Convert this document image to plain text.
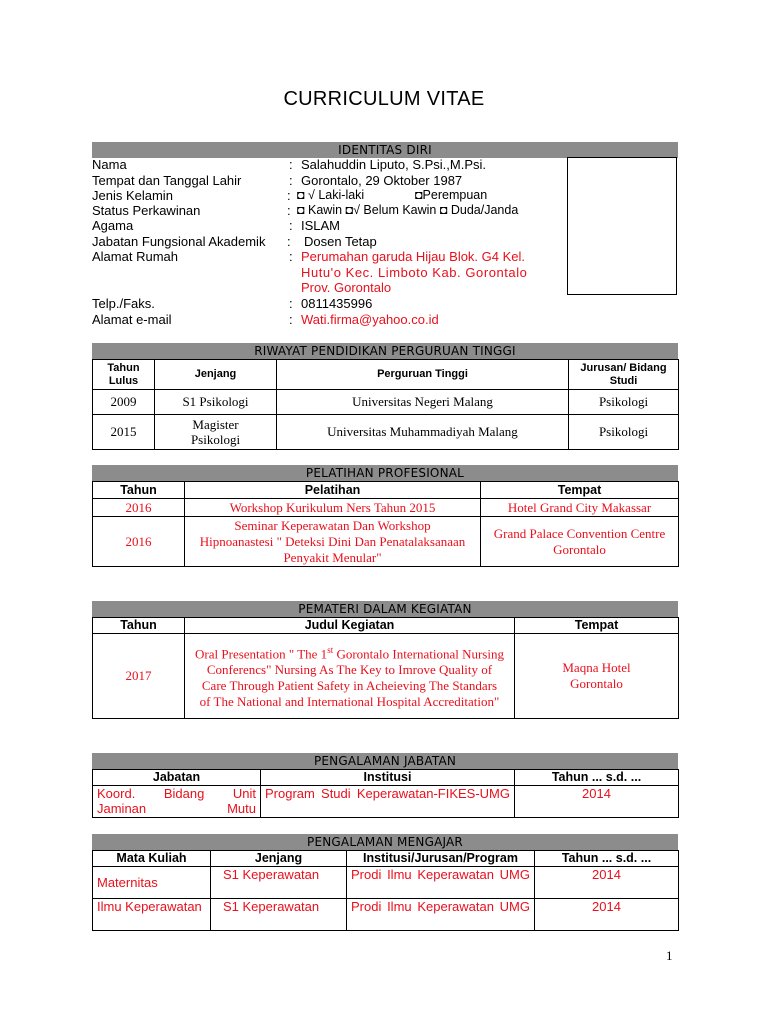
CURRICULUM VITAE
IDENTITAS DIRI
Nama	: Salahuddin Liputo, S.Psi.,M.Psi.
Tempat dan Tanggal Lahir	: Gorontalo, 29 Oktober 1987
Jenis Kelamin	: ◘ √ Laki-laki	◘Perempuan
Status Perkawinan	: ◘ Kawin ◘√ Belum Kawin ◘ Duda/Janda
Agama	: ISLAM
Jabatan Fungsional Akademik : Dosen Tetap
Alamat Rumah	: Perumahan garuda Hijau Blok. G4 Kel.
Hutu'o Kec. Limboto Kab. Gorontalo
Prov. Gorontalo
Telp./Faks.	: 0811435996
Alamat e-mail	: Wati.firma@yahoo.co.id
RIWAYAT PENDIDIKAN PERGURUAN TINGGI
Tahun Lulus	Jenjang	Perguruan Tinggi	Jurusan/ Bidang Studi
2009	S1 Psikologi	Universitas Negeri Malang	Psikologi
2015	Magister Psikologi	Universitas Muhammadiyah Malang	Psikologi
PELATIHAN PROFESIONAL
Tahun	Pelatihan	Tempat
2016	Workshop Kurikulum Ners Tahun 2015	Hotel Grand City Makassar
2016	Seminar Keperawatan Dan Workshop Hipnoanastesi " Deteksi Dini Dan Penatalaksanaan Penyakit Menular"	Grand Palace Convention Centre Gorontalo
PEMATERI DALAM KEGIATAN
Tahun	Judul Kegiatan	Tempat
2017	Oral Presentation " The 1st Gorontalo International Nursing Conferencs" Nursing As The Key to Imrove Quality of Care Through Patient Safety in Acheieving The Standars of The National and International Hospital Accreditation"	Maqna Hotel Gorontalo
PENGALAMAN JABATAN
Jabatan	Institusi	Tahun ... s.d. ...
Koord. Bidang Unit Jaminan Mutu	Program Studi Keperawatan-FIKES-UMG	2014
PENGALAMAN MENGAJAR
Mata Kuliah	Jenjang	Institusi/Jurusan/Program	Tahun ... s.d. ...
Maternitas	S1 Keperawatan	Prodi Ilmu Keperawatan UMG	2014
Ilmu Keperawatan	S1 Keperawatan	Prodi Ilmu Keperawatan UMG	2014
1
